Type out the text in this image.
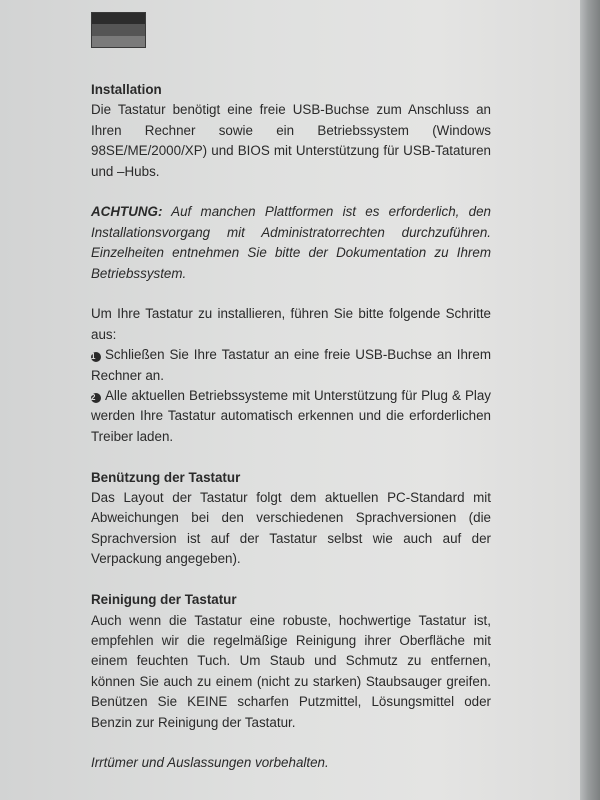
Installation

Die Tastatur benötigt eine freie USB-Buchse zum Anschluss an Ihren Rechner sowie ein Betriebssystem (Windows 98SE/ME/2000/XP) und BIOS mit Unterstützung für USB-Tataturen und –Hubs.

ACHTUNG: Auf manchen Plattformen ist es erforderlich, den Installationsvorgang mit Administratorrechten durchzuführen. Einzelheiten entnehmen Sie bitte der Dokumentation zu Ihrem Betriebssystem.

Um Ihre Tastatur zu installieren, führen Sie bitte folgende Schritte aus:

1 Schließen Sie Ihre Tastatur an eine freie USB-Buchse an Ihrem Rechner an.

2 Alle aktuellen Betriebssysteme mit Unterstützung für Plug & Play werden Ihre Tastatur automatisch erkennen und die erforderlichen Treiber laden.

Benützung der Tastatur

Das Layout der Tastatur folgt dem aktuellen PC-Standard mit Abweichungen bei den verschiedenen Sprachversionen (die Sprachversion ist auf der Tastatur selbst wie auch auf der Verpackung angegeben).

Reinigung der Tastatur

Auch wenn die Tastatur eine robuste, hochwertige Tastatur ist, empfehlen wir die regelmäßige Reinigung ihrer Oberfläche mit einem feuchten Tuch. Um Staub und Schmutz zu entfernen, können Sie auch zu einem (nicht zu starken) Staubsauger greifen. Benützen Sie KEINE scharfen Putzmittel, Lösungsmittel oder Benzin zur Reinigung der Tastatur.

Irrtümer und Auslassungen vorbehalten.
